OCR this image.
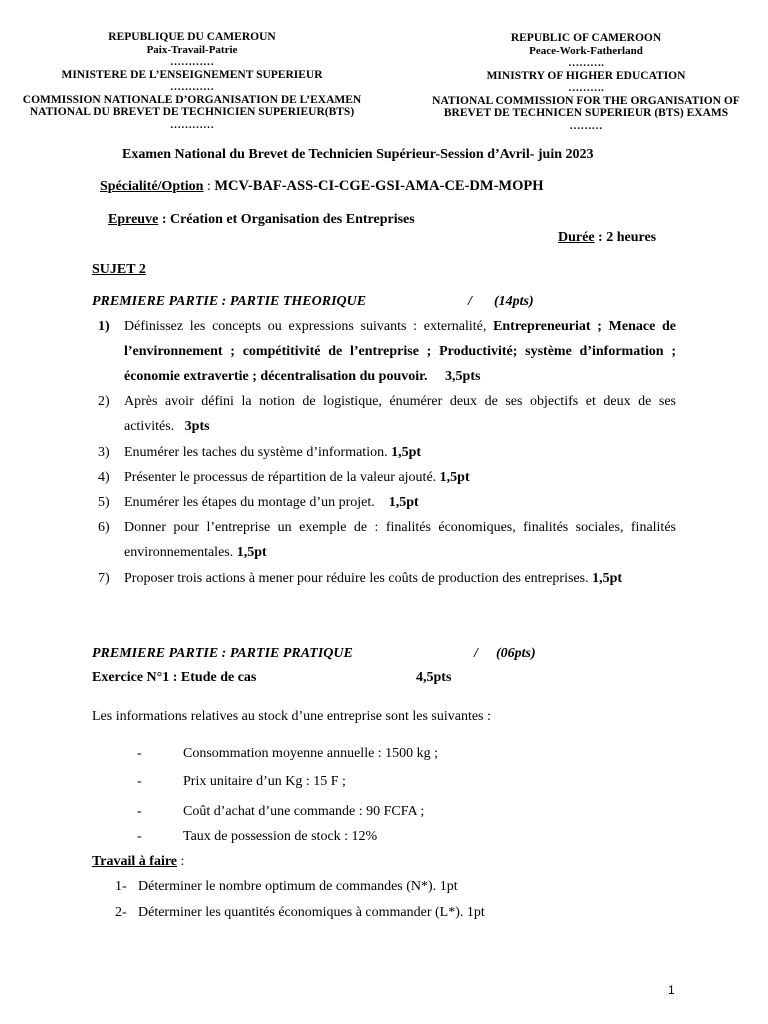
REPUBLIQUE DU CAMEROUN
Paix-Travail-Patrie
…………
MINISTERE DE L’ENSEIGNEMENT SUPERIEUR
…………
COMMISSION NATIONALE D’ORGANISATION DE L’EXAMEN
NATIONAL DU BREVET DE TECHNICIEN SUPERIEUR(BTS)
…………
REPUBLIC OF CAMEROON
Peace-Work-Fatherland
……….
MINISTRY OF HIGHER EDUCATION
……….
NATIONAL COMMISSION FOR THE ORGANISATION OF
BREVET DE TECHNICEN SUPERIEUR (BTS) EXAMS
………
Examen National du Brevet de Technicien Supérieur-Session d’Avril- juin 2023
Spécialité/Option : MCV-BAF-ASS-CI-CGE-GSI-AMA-CE-DM-MOPH
Epreuve : Création et Organisation des Entreprises
Durée : 2 heures
SUJET 2
PREMIERE PARTIE : PARTIE THEORIQUE	/ (14pts)
1)	Définissez les concepts ou expressions suivants : externalité, Entrepreneuriat ; Menace de l’environnement ; compétitivité de l’entreprise ; Productivité; système d’information ; économie extravertie ; décentralisation du pouvoir. 3,5pts
2)	Après avoir défini la notion de logistique, énumérer deux de ses objectifs et deux de ses activités. 3pts
3)	Enumérer les taches du système d’information. 1,5pt
4)	Présenter le processus de répartition de la valeur ajouté. 1,5pt
5)	Enumérer les étapes du montage d’un projet. 1,5pt
6)	Donner pour l’entreprise un exemple de : finalités économiques, finalités sociales, finalités environnementales. 1,5pt
7)	Proposer trois actions à mener pour réduire les coûts de production des entreprises. 1,5pt
PREMIERE PARTIE : PARTIE PRATIQUE	/ (06pts)
Exercice N°1 : Etude de cas	4,5pts
Les informations relatives au stock d’une entreprise sont les suivantes :
-	Consommation moyenne annuelle : 1500 kg ;
-	Prix unitaire d’un Kg : 15 F ;
-	Coût d’achat d’une commande : 90 FCFA ;
-	Taux de possession de stock : 12%
Travail à faire :
1- Déterminer le nombre optimum de commandes (N*). 1pt
2- Déterminer les quantités économiques à commander (L*). 1pt
1
